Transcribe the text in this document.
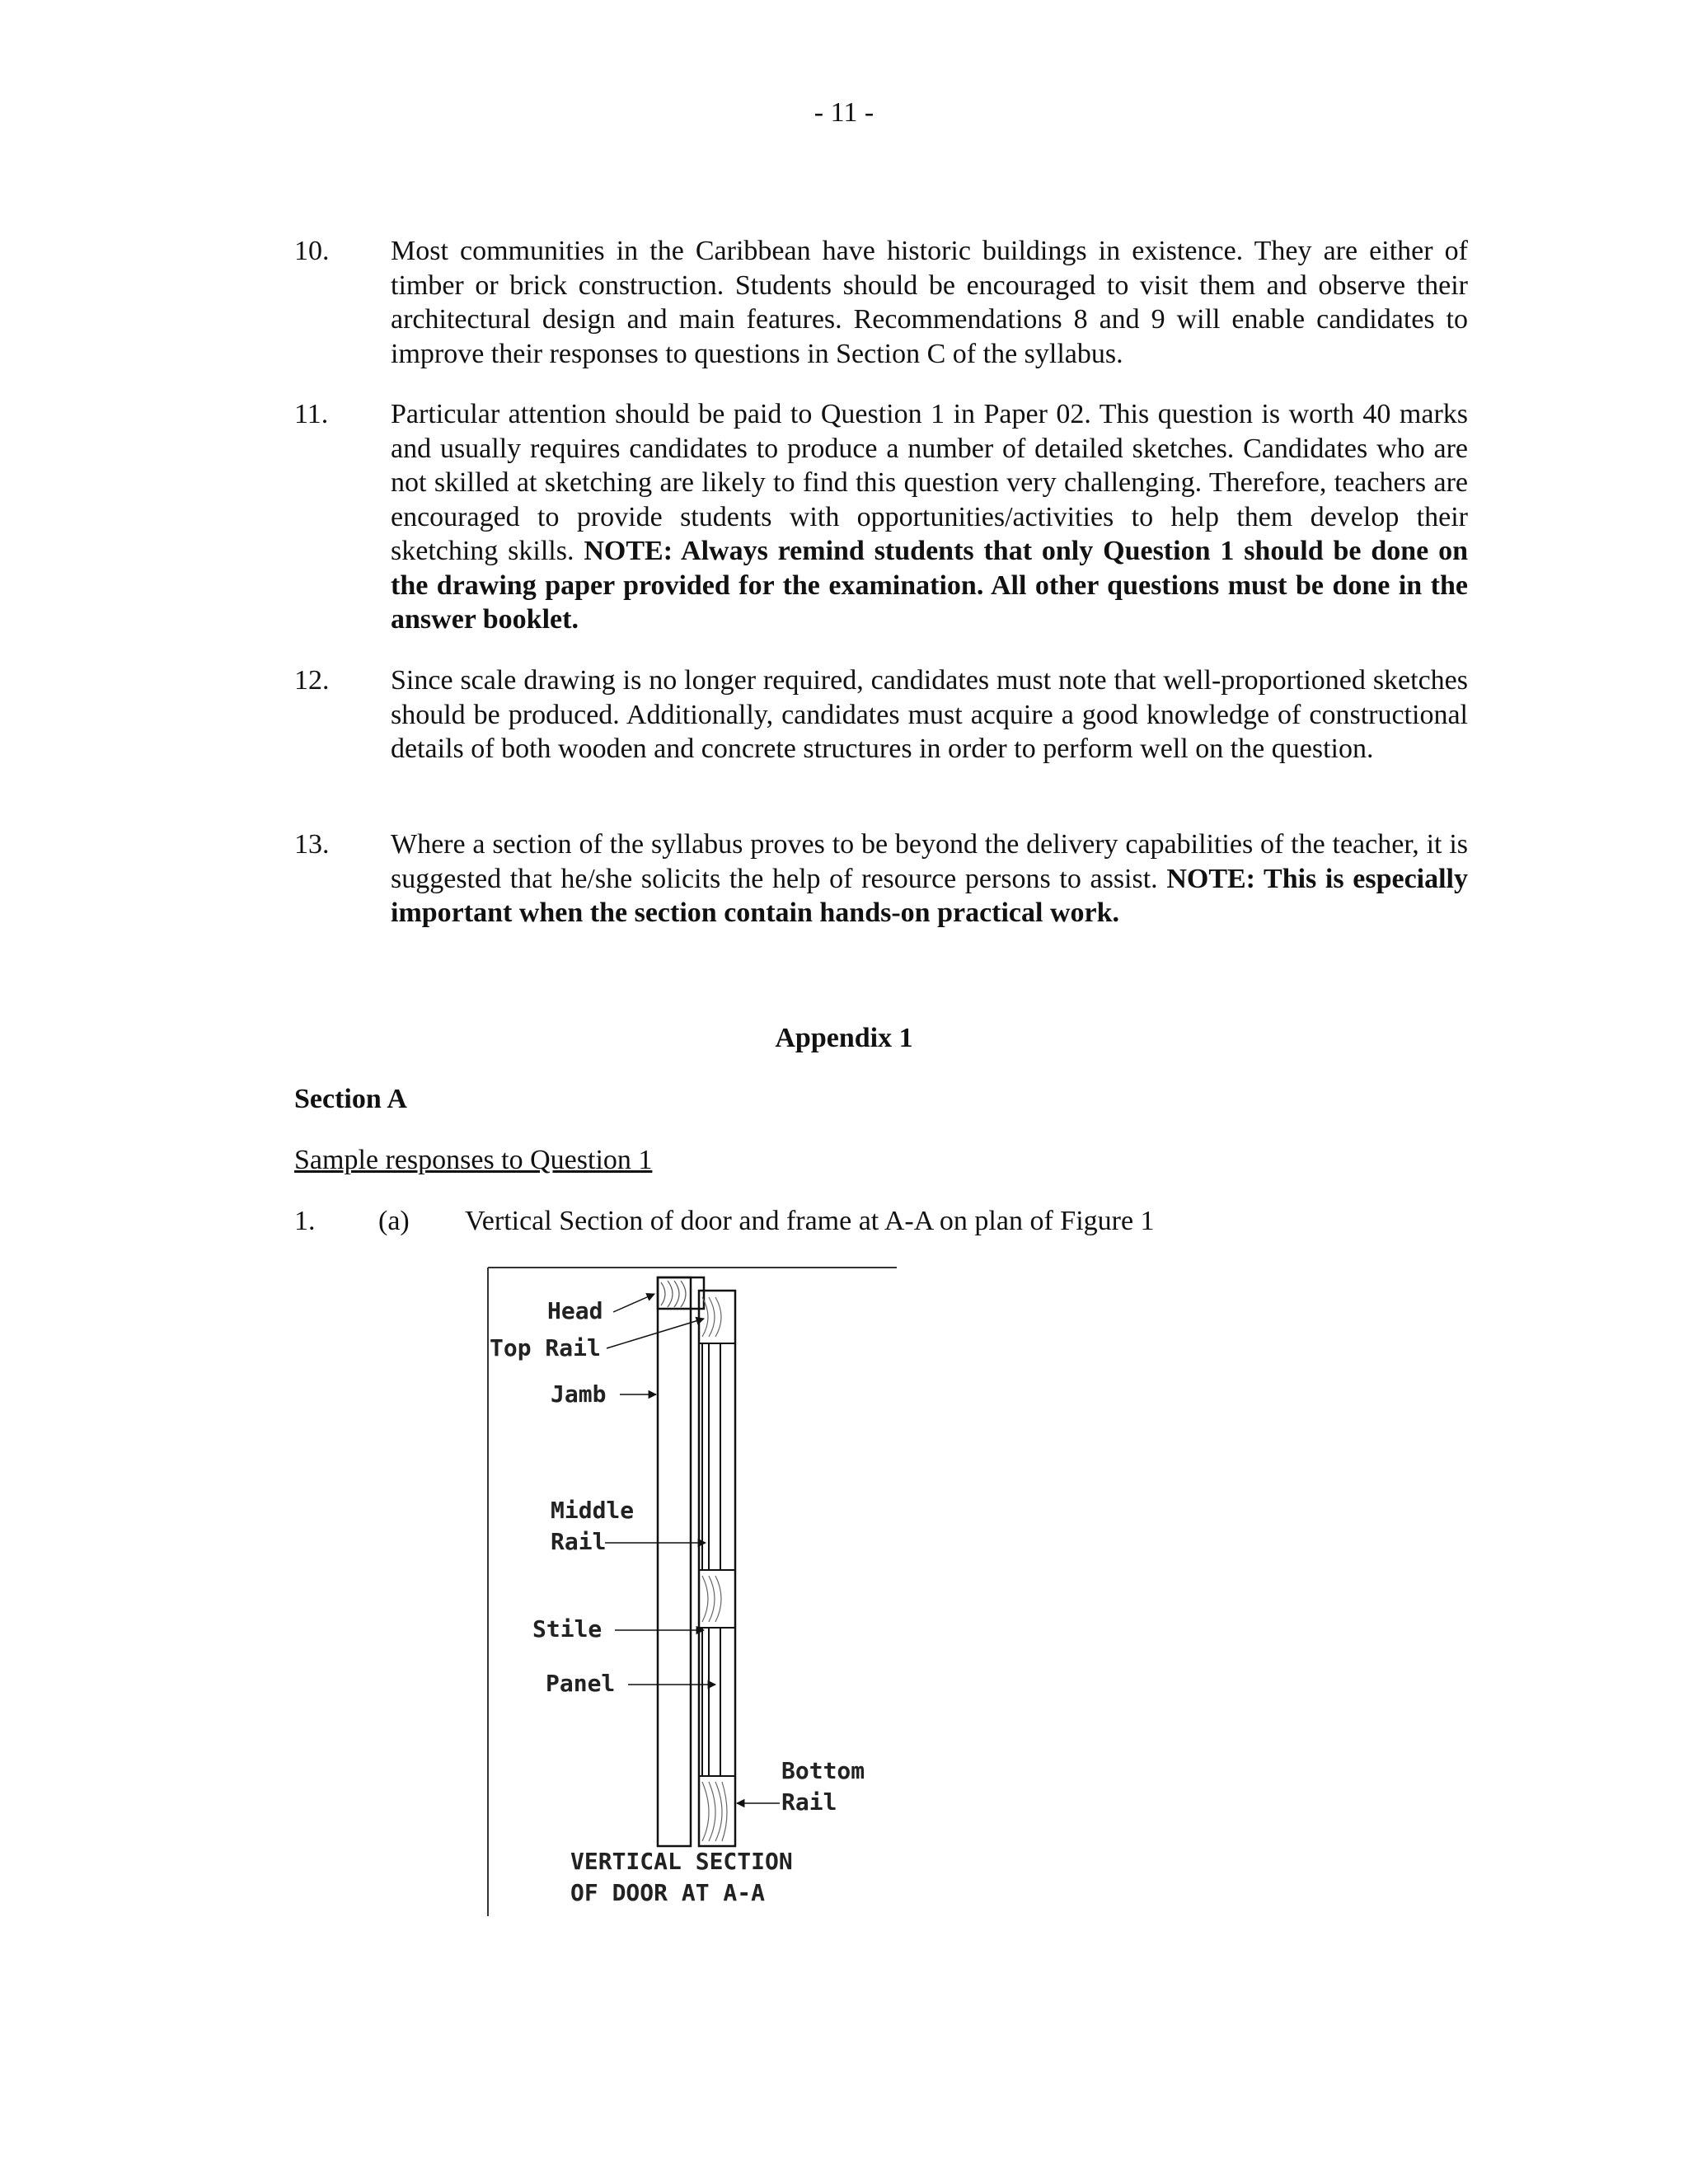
- 11 -
10. Most communities in the Caribbean have historic buildings in existence. They are either of timber or brick construction. Students should be encouraged to visit them and observe their architectural design and main features. Recommendations 8 and 9 will enable candidates to improve their responses to questions in Section C of the syllabus.
11. Particular attention should be paid to Question 1 in Paper 02. This question is worth 40 marks and usually requires candidates to produce a number of detailed sketches. Candidates who are not skilled at sketching are likely to find this question very challenging. Therefore, teachers are encouraged to provide students with opportunities/activities to help them develop their sketching skills. NOTE: Always remind students that only Question 1 should be done on the drawing paper provided for the examination. All other questions must be done in the answer booklet.
12. Since scale drawing is no longer required, candidates must note that well-proportioned sketches should be produced. Additionally, candidates must acquire a good knowledge of constructional details of both wooden and concrete structures in order to perform well on the question.
13. Where a section of the syllabus proves to be beyond the delivery capabilities of the teacher, it is suggested that he/she solicits the help of resource persons to assist. NOTE: This is especially important when the section contain hands-on practical work.
Appendix 1
Section A
Sample responses to Question 1
1. (a) Vertical Section of door and frame at A-A on plan of Figure 1
Head
Top Rail
Jamb
Middle
Rail
Stile
Panel
Bottom
Rail
VERTICAL SECTION
OF DOOR AT A-A
